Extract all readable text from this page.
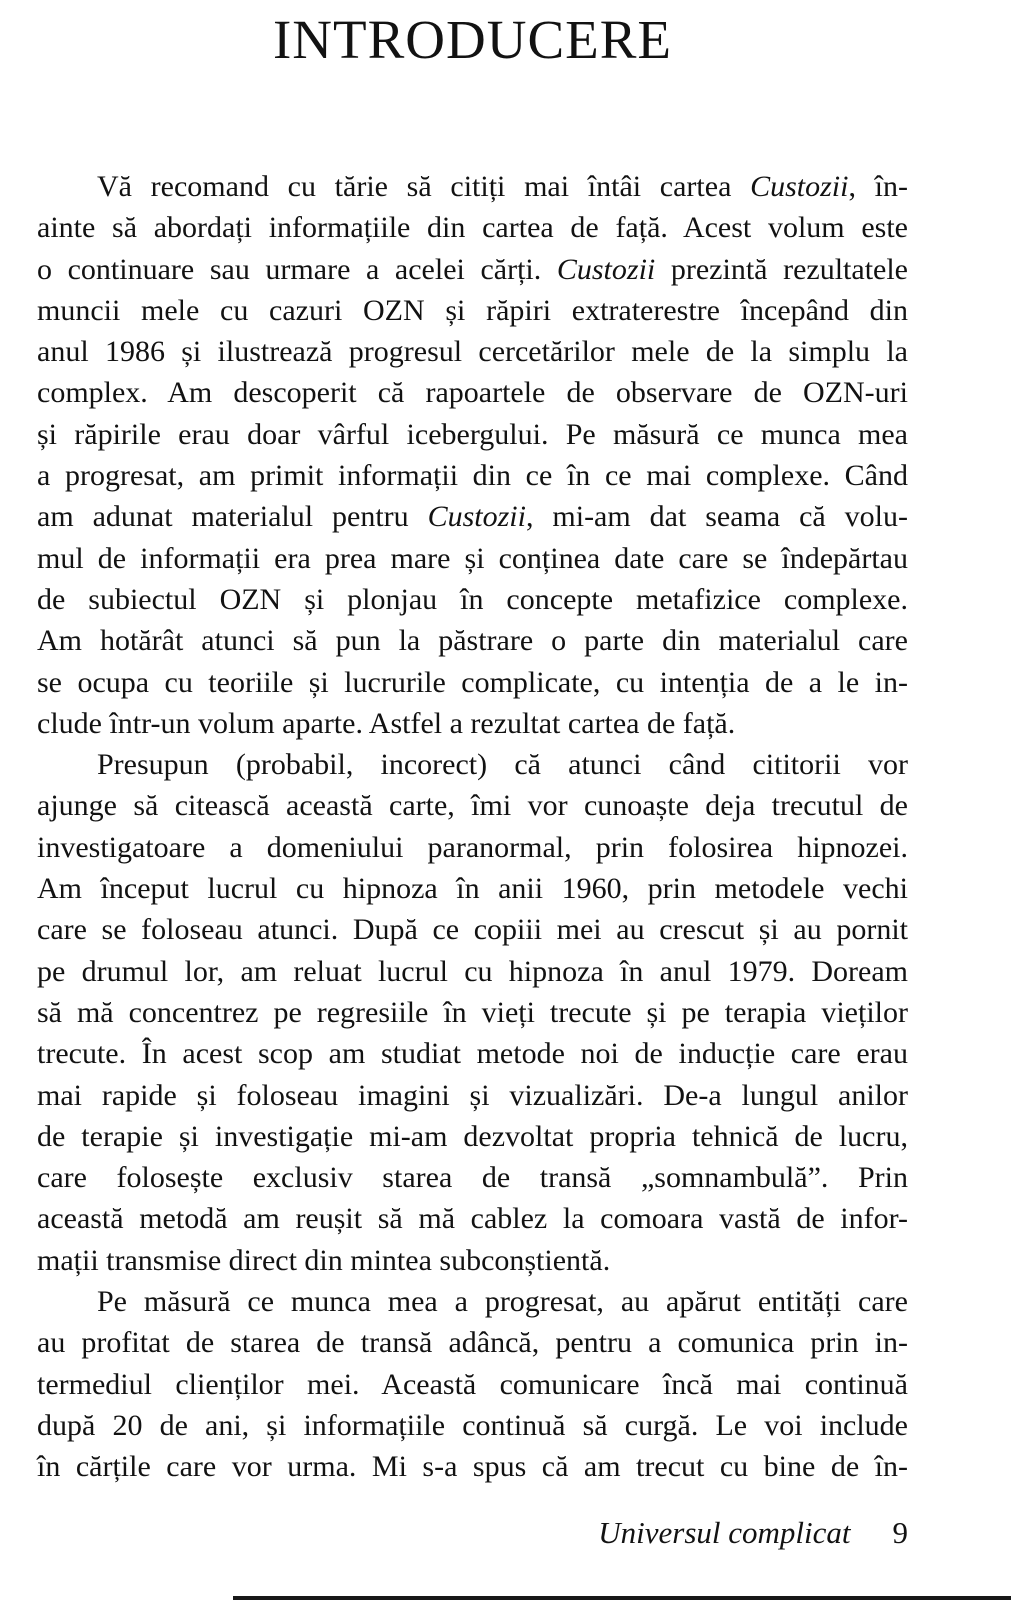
INTRODUCERE
Vă recomand cu tărie să citiți mai întâi cartea Custozii, în-
ainte să abordați informațiile din cartea de față. Acest volum este
o continuare sau urmare a acelei cărți. Custozii prezintă rezultatele
muncii mele cu cazuri OZN și răpiri extraterestre începând din
anul 1986 și ilustrează progresul cercetărilor mele de la simplu la
complex. Am descoperit că rapoartele de observare de OZN-uri
și răpirile erau doar vârful icebergului. Pe măsură ce munca mea
a progresat, am primit informații din ce în ce mai complexe. Când
am adunat materialul pentru Custozii, mi-am dat seama că volu-
mul de informații era prea mare și conținea date care se îndepărtau
de subiectul OZN și plonjau în concepte metafizice complexe.
Am hotărât atunci să pun la păstrare o parte din materialul care
se ocupa cu teoriile și lucrurile complicate, cu intenția de a le in-
clude într-un volum aparte. Astfel a rezultat cartea de față.
Presupun (probabil, incorect) că atunci când cititorii vor
ajunge să citească această carte, îmi vor cunoaște deja trecutul de
investigatoare a domeniului paranormal, prin folosirea hipnozei.
Am început lucrul cu hipnoza în anii 1960, prin metodele vechi
care se foloseau atunci. După ce copiii mei au crescut și au pornit
pe drumul lor, am reluat lucrul cu hipnoza în anul 1979. Doream
să mă concentrez pe regresiile în vieți trecute și pe terapia vieților
trecute. În acest scop am studiat metode noi de inducție care erau
mai rapide și foloseau imagini și vizualizări. De-a lungul anilor
de terapie și investigație mi-am dezvoltat propria tehnică de lucru,
care folosește exclusiv starea de transă „somnambulă”. Prin
această metodă am reușit să mă cablez la comoara vastă de infor-
mații transmise direct din mintea subconștientă.
Pe măsură ce munca mea a progresat, au apărut entități care
au profitat de starea de transă adâncă, pentru a comunica prin in-
termediul clienților mei. Această comunicare încă mai continuă
după 20 de ani, și informațiile continuă să curgă. Le voi include
în cărțile care vor urma. Mi s-a spus că am trecut cu bine de în-
Universul complicat 9
